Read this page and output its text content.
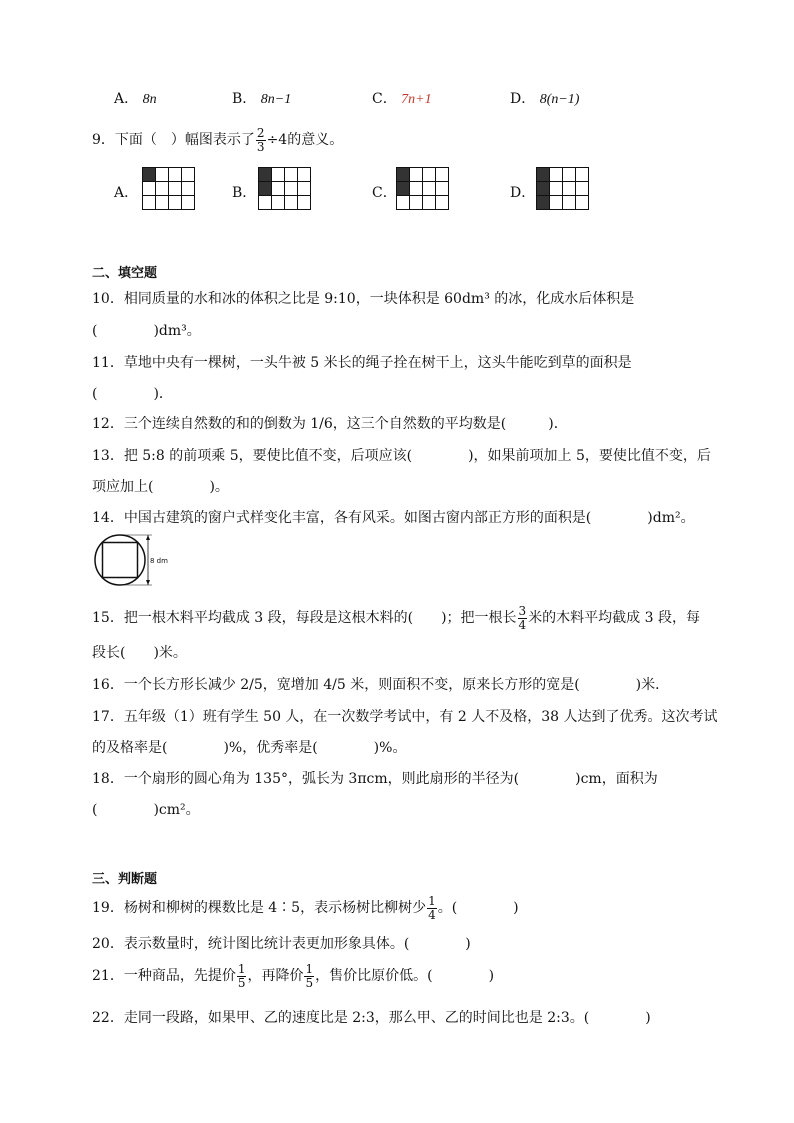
A． 8n	B． 8n−1	C． 7n+1	D． 8(n−1)
9．下面（　）幅图表示了 $\frac{2}{3} \div 4$的意义。
A．

				B．

				C．

				D．

二、填空题
10．相同质量的水和冰的体积之比是 9:10，一块体积是 60dm³ 的冰，化成水后体积是
(　　　　)dm³。
11．草地中央有一棵树，一头牛被 5 米长的绳子拴在树干上，这头牛能吃到草的面积是
(　　　　)．
12．三个连续自然数的和的倒数为 1/6，这三个自然数的平均数是(　　　)．
13．把 5:8 的前项乘 5，要使比值不变，后项应该(　　　　)，如果前项加上 5，要使比值不变，后
项应加上(　　　　)。
14．中国古建筑的窗户式样变化丰富，各有风采。如图古窗内部正方形的面积是(　　　　)dm²。
8 dm
15．把一根木料平均截成 3 段，每段是这根木料的(　　)；把一根长 $\frac{3}{4}$ 米的木料平均截成 3 段，每
段长(　　)米。
16．一个长方形长减少 2/5，宽增加 4/5 米，则面积不变，原来长方形的宽是(　　　　)米．
17．五年级（1）班有学生 50 人，在一次数学考试中，有 2 人不及格，38 人达到了优秀。这次考试
的及格率是(　　　　)%，优秀率是(　　　　)%。
18．一个扇形的圆心角为 135°，弧长为 3πcm，则此扇形的半径为(　　　　)cm，面积为
(　　　　)cm²。
三、判断题
19．杨树和柳树的棵数比是 4∶5，表示杨树比柳树少 $\frac{1}{4}$ 。(　　　　)
20．表示数量时，统计图比统计表更加形象具体。(　　　　)
21．一种商品，先提价 $\frac{1}{5}$ ，再降价 $\frac{1}{5}$ ，售价比原价低。(　　　　)
22．走同一段路，如果甲、乙的速度比是 2:3，那么甲、乙的时间比也是 2:3。(　　　　)
